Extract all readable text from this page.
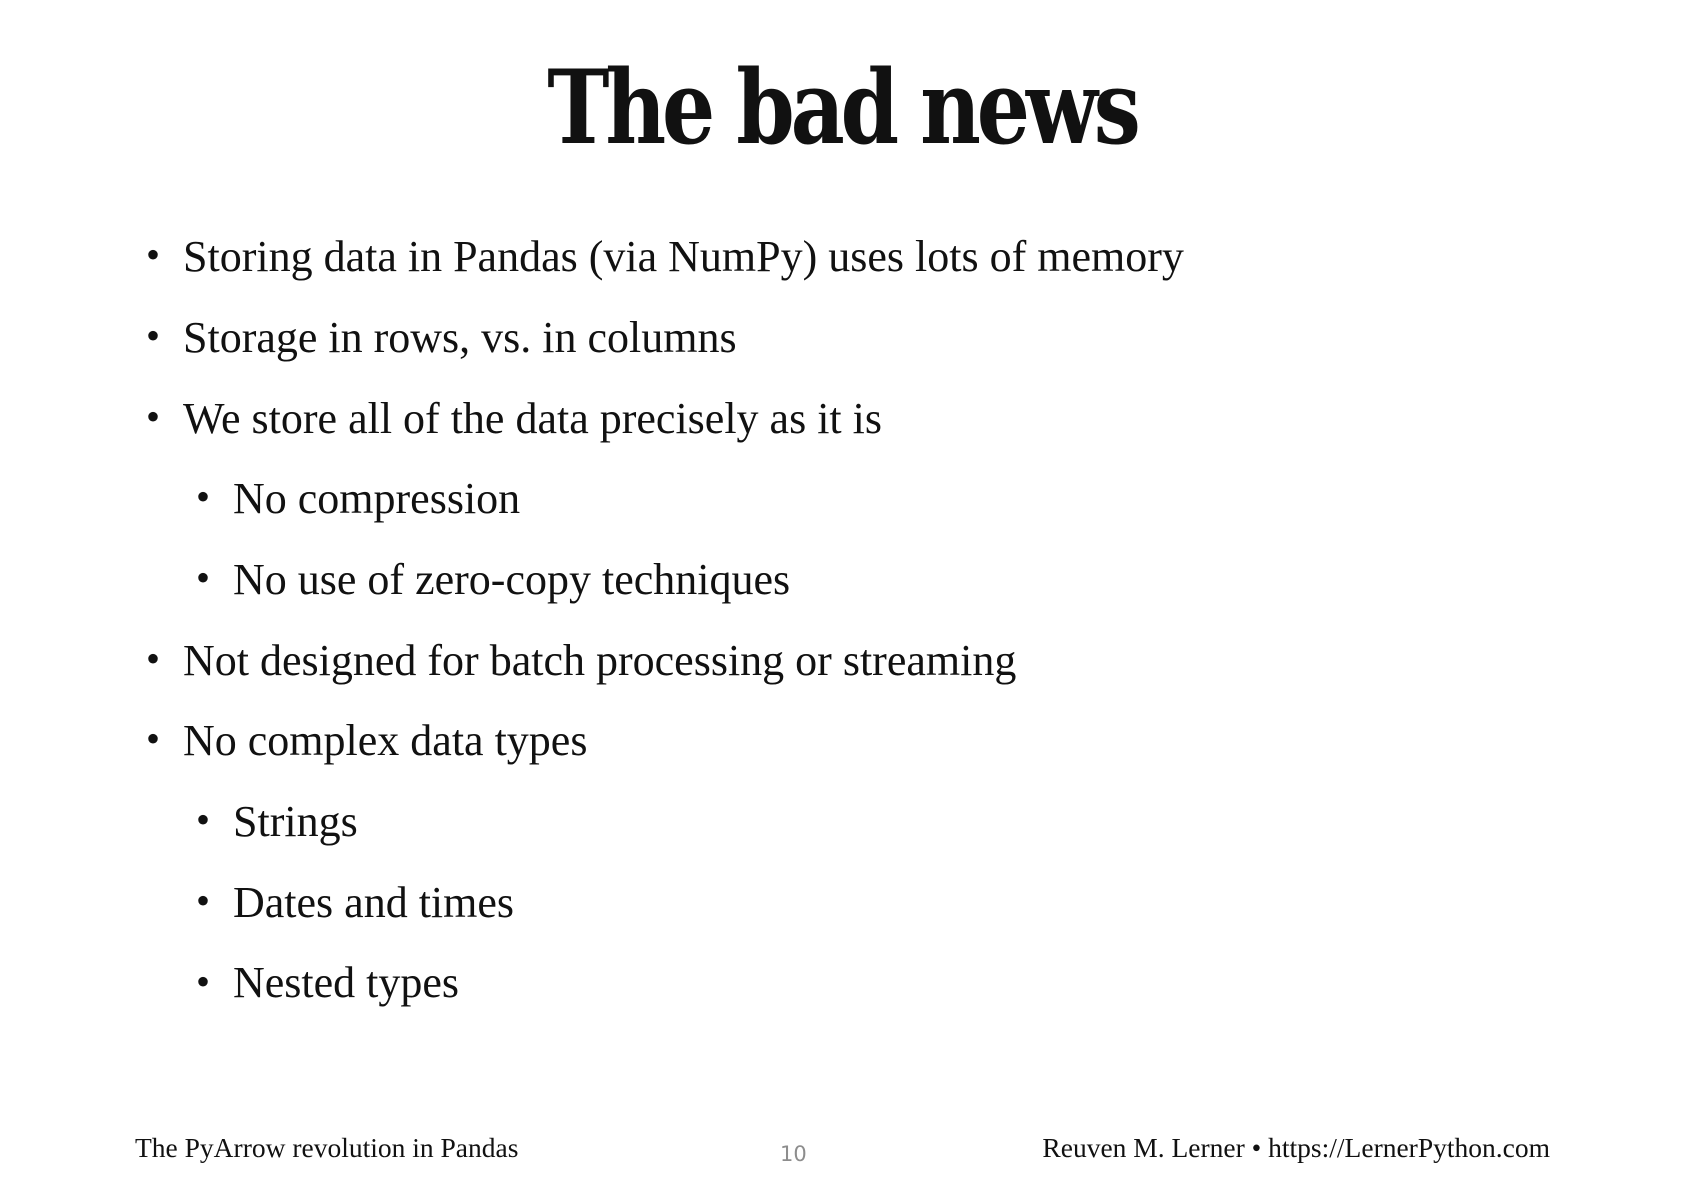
The bad news
• Storing data in Pandas (via NumPy) uses lots of memory
• Storage in rows, vs. in columns
• We store all of the data precisely as it is
• No compression
• No use of zero-copy techniques
• Not designed for batch processing or streaming
• No complex data types
• Strings
• Dates and times
• Nested types
The PyArrow revolution in Pandas	10	Reuven M. Lerner • https://LernerPython.com
